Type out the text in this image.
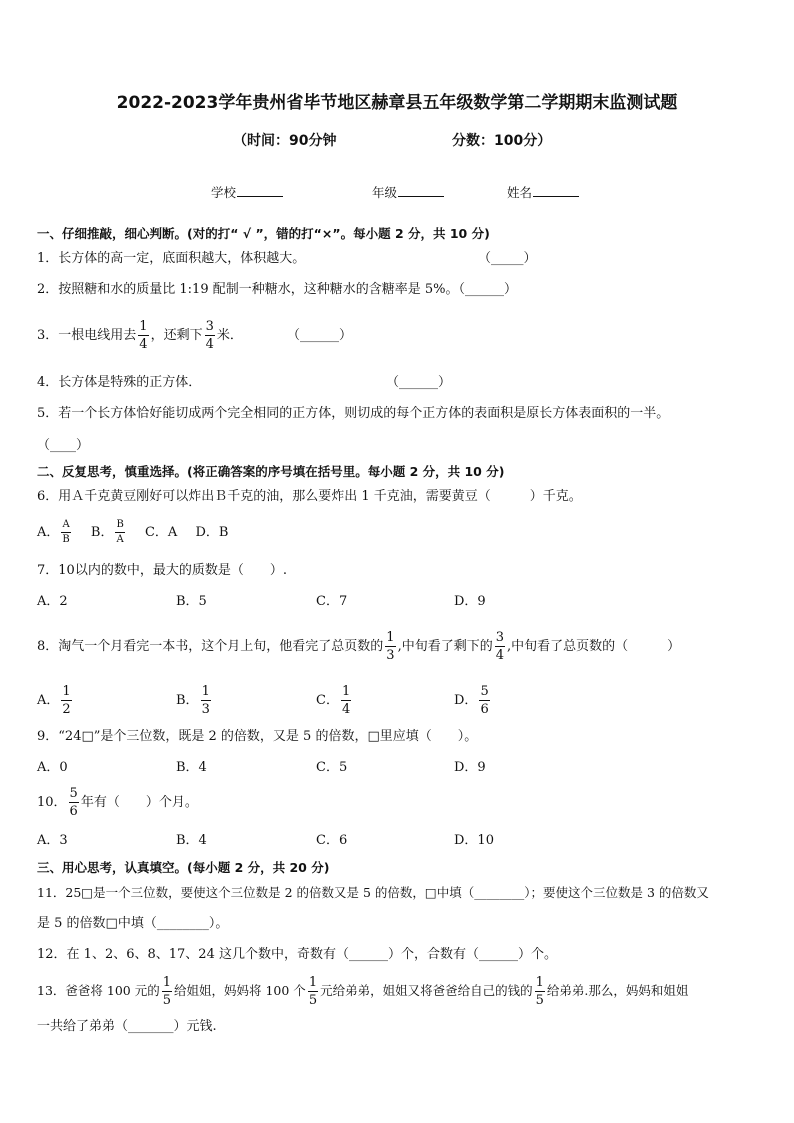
2022-2023学年贵州省毕节地区赫章县五年级数学第二学期期末监测试题
（时间：90分钟	分数：100分）
学校	年级	姓名
一、仔细推敲，细心判断。(对的打“ √ ”，错的打“×”。每小题 2 分，共 10 分)
1．长方体的高一定，底面积越大，体积越大。	（_____）
2．按照糖和水的质量比 1:19 配制一种糖水，这种糖水的含糖率是 5%。（______）
3．一根电线用去 $\frac{1}{4}$ ，还剩下 $\frac{3}{4}$ 米．	（______）
4．长方体是特殊的正方体．	（______）
5．若一个长方体恰好能切成两个完全相同的正方体，则切成的每个正方体的表面积是原长方体表面积的一半。
（____）
二、反复思考，慎重选择。(将正确答案的序号填在括号里。每小题 2 分，共 10 分)
6．用Ａ千克黄豆刚好可以炸出Ｂ千克的油，那么要炸出 1 千克油，需要黄豆（　　　）千克。
A． $\frac{A}{B}$ B． $\frac{B}{A}$ C．A D．B
7．10以内的数中，最大的质数是（　　）.
A．2	B．5	C．7	D．9
8．淘气一个月看完一本书，这个月上旬，他看完了总页数的 $\frac{1}{3}$ ,中旬看了剩下的 $\frac{3}{4}$ ,中旬看了总页数的（　　　）
A． $\frac{1}{2}$	B． $\frac{1}{3}$	C． $\frac{1}{4}$	D． $\frac{5}{6}$
9．“24□”是个三位数，既是 2 的倍数，又是 5 的倍数，□里应填（　　）。
A．0	B．4	C．5	D．9
10． $\frac{5}{6}$ 年有（　　）个月。
A．3	B．4	C．6	D．10
三、用心思考，认真填空。(每小题 2 分，共 20 分)
11．25□是一个三位数，要使这个三位数是 2 的倍数又是 5 的倍数，□中填（________）；要使这个三位数是 3 的倍数又
是 5 的倍数□中填（________）。
12．在 1、2、6、8、17、24 这几个数中，奇数有（______）个，合数有（______）个。
13．爸爸将 100 元的 $\frac{1}{5}$ 给姐姐，妈妈将 100 个 $\frac{1}{5}$ 元给弟弟，姐姐又将爸爸给自己的钱的 $\frac{1}{5}$ 给弟弟.那么，妈妈和姐姐
一共给了弟弟（_______）元钱.
